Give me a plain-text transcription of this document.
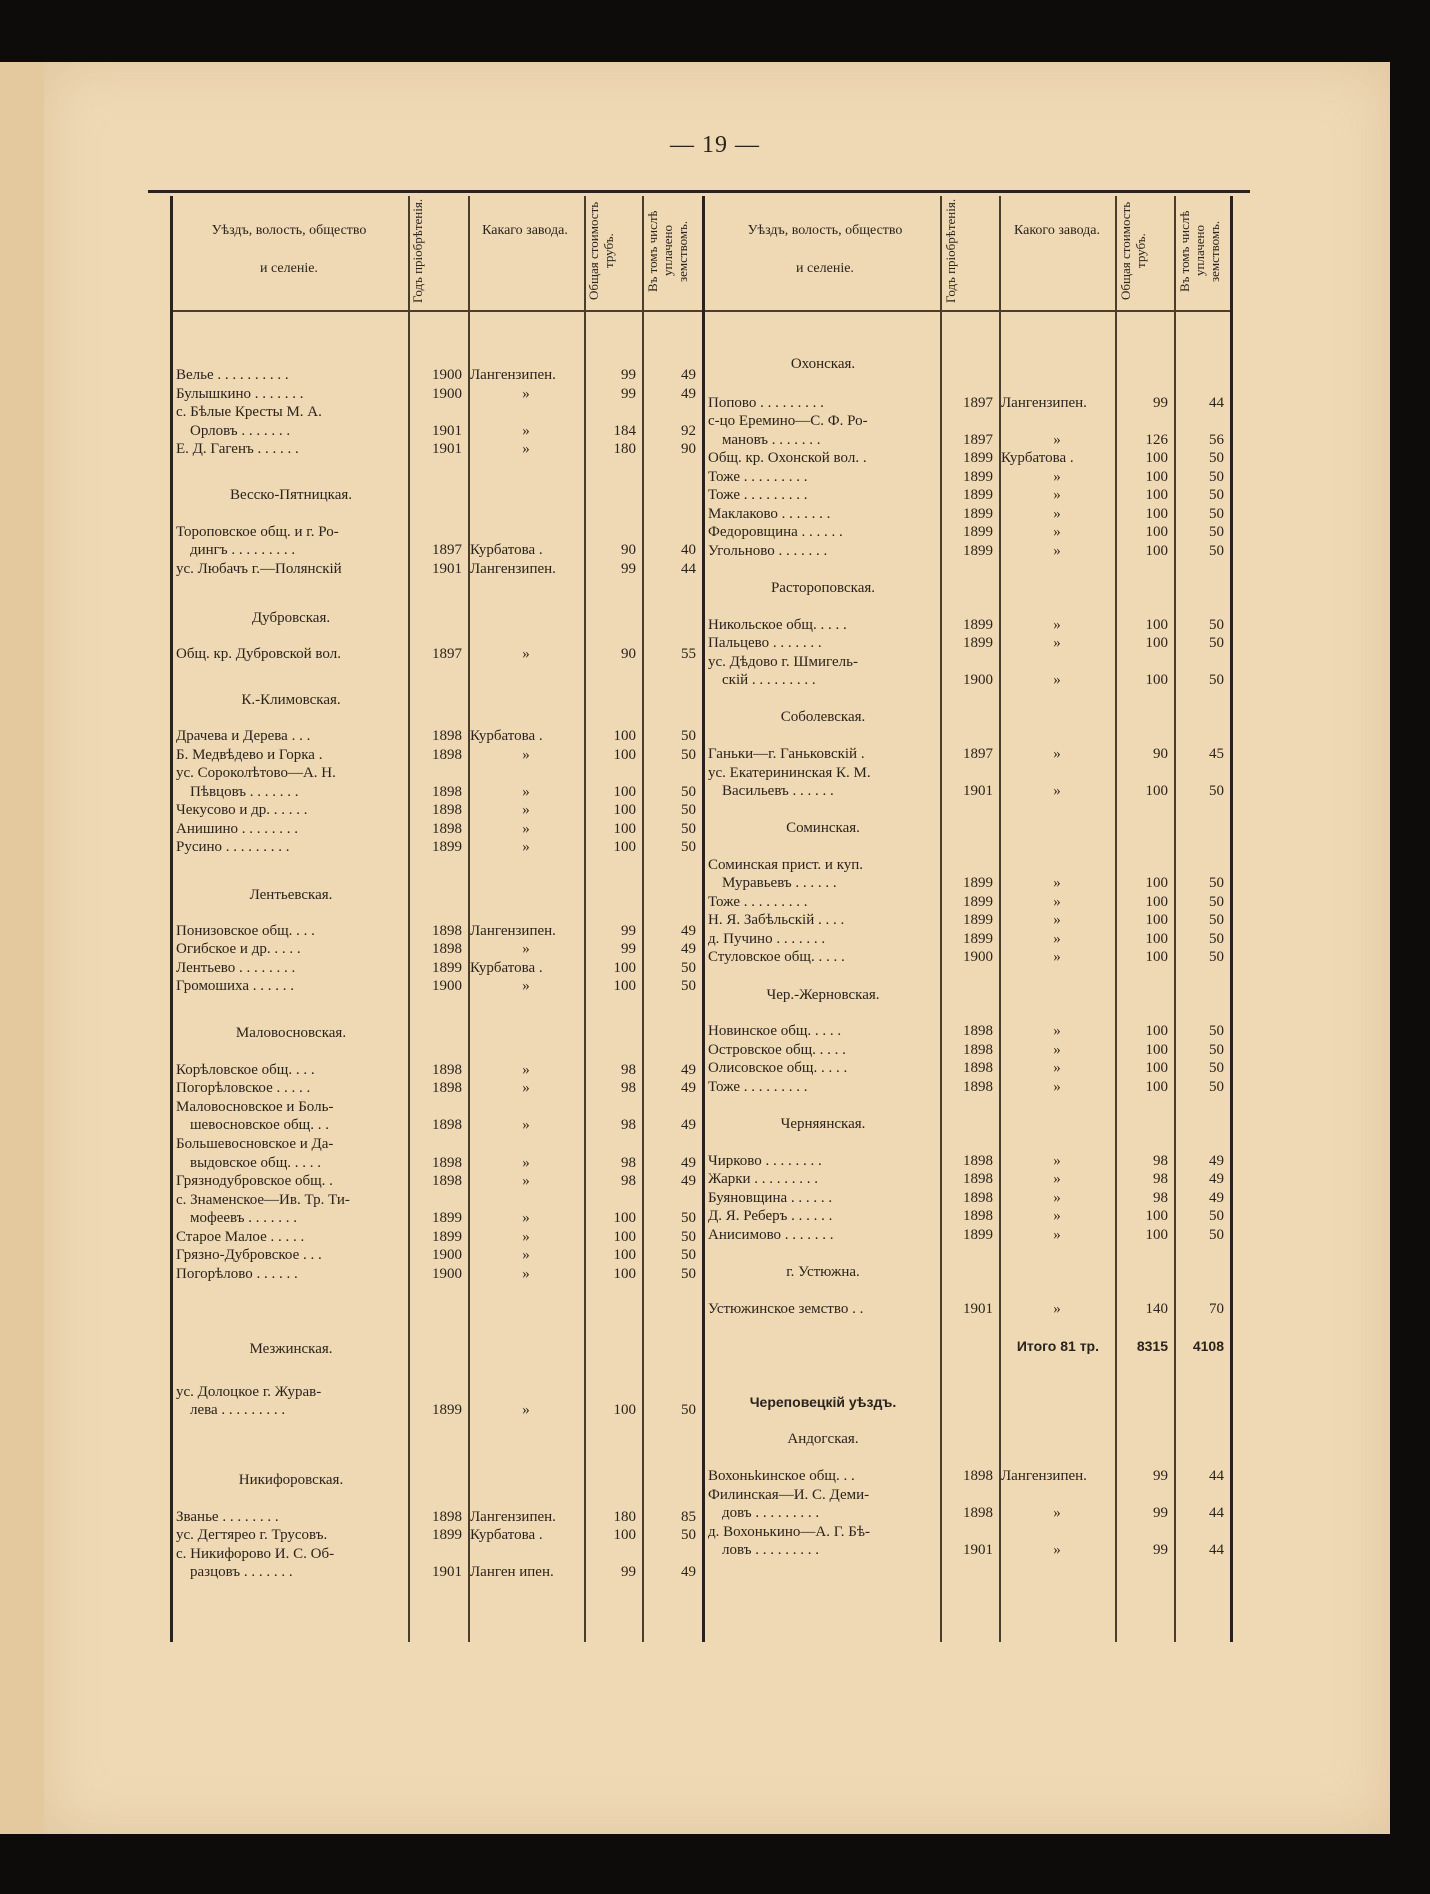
— 19 —
Уѣздъ, волость, общество
и селеніе.	Годъ пріобрѣтенія.	Какаго завода.	Общая стоимость трубъ.	Въ томъ числѣ уплачено земствомъ.	Уѣздъ, волость, общество
и селеніе.	Годъ пріобрѣтенія.	Какого завода.	Общая стоимость трубъ.	Въ томъ числѣ уплачено земствомъ.
Велье . . . . . . . . . .	1900 Лангензипен.	99	49
Булышкино . . . . . . .	1900	»	99	49
с. Бѣлые Кресты М. А.
Орловъ . . . . . . .	1901	»	184	92
Е. Д. Гагенъ . . . . . .	1901	»	180	90
Весско-Пятницкая.
Тороповское общ. и г. Ро-
дингъ . . . . . . . . .	1897 Курбатова .	90	40
ус. Любачъ г.—Полянскій	1901 Лангензипен.	99	44
Дубровская.
Общ. кр. Дубровской вол.	1897	»	90	55
К.-Климовская.
Драчева и Дерева . . .	1898 Курбатова .	100	50
Б. Медвѣдево и Горка .	1898	»	100	50
ус. Сороколѣтово—А. Н.
Пѣвцовъ . . . . . . .	1898	»	100	50
Чекусово и др. . . . . .	1898	»	100	50
Анишино . . . . . . . .	1898	»	100	50
Русино . . . . . . . . .	1899	»	100	50
Лентьевская.
Понизовское общ. . . .	1898 Лангензипен.	99	49
Огибское и др. . . . .	1898	»	99	49
Лентьево . . . . . . . .	1899 Курбатова .	100	50
Громошиха . . . . . .	1900	»	100	50
Маловосновская.
Корѣловское общ. . . .	1898	»	98	49
Погорѣловское . . . . .	1898	»	98	49
Маловосновское и Боль-
шевосновское общ. . .	1898	»	98	49
Большевосновское и Да-
выдовское общ. . . . .	1898	»	98	49
Грязнодубровское общ. .	1898	»	98	49
с. Знаменское—Ив. Тр. Ти-
мофеевъ . . . . . . .	1899	»	100	50
Старое Малое . . . . .	1899	»	100	50
Грязно-Дубровское . . .	1900	»	100	50
Погорѣлово . . . . . .	1900	»	100	50
Мезжинская.
ус. Долоцкое г. Журав-
лева . . . . . . . . .	1899	»	100	50
Никифоровская.
Званье . . . . . . . .	1898 Лангензипен.	180	85
ус. Дегтярео г. Трусовъ.	1899 Курбатова .	100	50
с. Никифорово И. С. Об-
разцовъ . . . . . . .	1901 Ланген ипен.	99	49
Охонская.
Попово . . . . . . . . .	1897 Лангензипен.	99	44
с-цо Еремино—С. Ф. Ро-
мановъ . . . . . . .	1897	»	126	56
Общ. кр. Охонской вол. .	1899 Курбатова .	100	50
Тоже . . . . . . . . .	1899	»	100	50
Тоже . . . . . . . . .	1899	»	100	50
Маклаково . . . . . . .	1899	»	100	50
Федоровщина . . . . . .	1899	»	100	50
Угольново . . . . . . .	1899	»	100	50
Раcтороповская.
Никольское общ. . . . .	1899	»	100	50
Пальцево . . . . . . .	1899	»	100	50
ус. Дѣдово г. Шмигель-
скій . . . . . . . . .	1900	»	100	50
Соболевская.
Ганьки—г. Ганьковскій .	1897	»	90	45
ус. Екатерининская К. М.
Васильевъ . . . . . .	1901	»	100	50
Соминская.
Соминская прист. и куп.
Муравьевъ . . . . . .	1899	»	100	50
Тоже . . . . . . . . .	1899	»	100	50
Н. Я. Забѣльскій . . . .	1899	»	100	50
д. Пучино . . . . . . .	1899	»	100	50
Стуловское общ. . . . .	1900	»	100	50
Чер.-Жерновская.
Новинское общ. . . . .	1898	»	100	50
Островское общ. . . . .	1898	»	100	50
Олисовское общ. . . . .	1898	»	100	50
Тоже . . . . . . . . .	1898	»	100	50
Черняянская.
Чирково . . . . . . . .	1898	»	98	49
Жарки . . . . . . . . .	1898	»	98	49
Буяновщина . . . . . .	1898	»	98	49
Д. Я. Реберъ . . . . . .	1898	»	100	50
Анисимово . . . . . . .	1899	»	100	50
г. Устюжна.
Устюжинское земство . .	1901	»	140	70
Итого 81 тр.	8315	4108
Череповецкій уѣздъ.
Андогская.
Вохоньkинское общ. . .	1898 Лангензипен.	99	44
Филинская—И. С. Деми-
довъ . . . . . . . . .	1898	»	99	44
д. Вохонькино—А. Г. Бѣ-
ловъ . . . . . . . . .	1901	»	99	44
